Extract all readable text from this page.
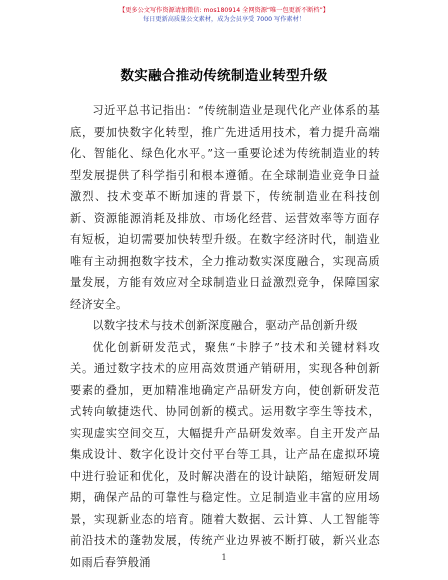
【更多公文写作资源请加微信: mos180914 全网资源“唯一包更新不断档”】
每日更新高质量公文素材，成为会员享受 7000 写作素材！
数实融合推动传统制造业转型升级

习近平总书记指出：“传统制造业是现代化产业体系的基底，要加快数字化转型，推广先进适用技术，着力提升高端化、智能化、绿色化水平。”这一重要论述为传统制造业的转型发展提供了科学指引和根本遵循。在全球制造业竞争日益激烈、技术变革不断加速的背景下，传统制造业在科技创新、资源能源消耗及排放、市场化经营、运营效率等方面存有短板，迫切需要加快转型升级。在数字经济时代，制造业唯有主动拥抱数字技术，全力推动数实深度融合，实现高质量发展，方能有效应对全球制造业日益激烈竞争，保障国家经济安全。

以数字技术与技术创新深度融合，驱动产品创新升级

优化创新研发范式，聚焦“卡脖子”技术和关键材料攻关。通过数字技术的应用高效贯通产销研用，实现各种创新要素的叠加，更加精准地确定产品研发方向，使创新研发范式转向敏捷迭代、协同创新的模式。运用数字孪生等技术，实现虚实空间交互，大幅提升产品研发效率。自主开发产品集成设计、数字化设计交付平台等工具，让产品在虚拟环境中进行验证和优化，及时解决潜在的设计缺陷，缩短研发周期，确保产品的可靠性与稳定性。立足制造业丰富的应用场景，实现新业态的培育。随着大数据、云计算、人工智能等前沿技术的蓬勃发展，传统产业边界被不断打破，新兴业态如雨后春笋般涌	1
